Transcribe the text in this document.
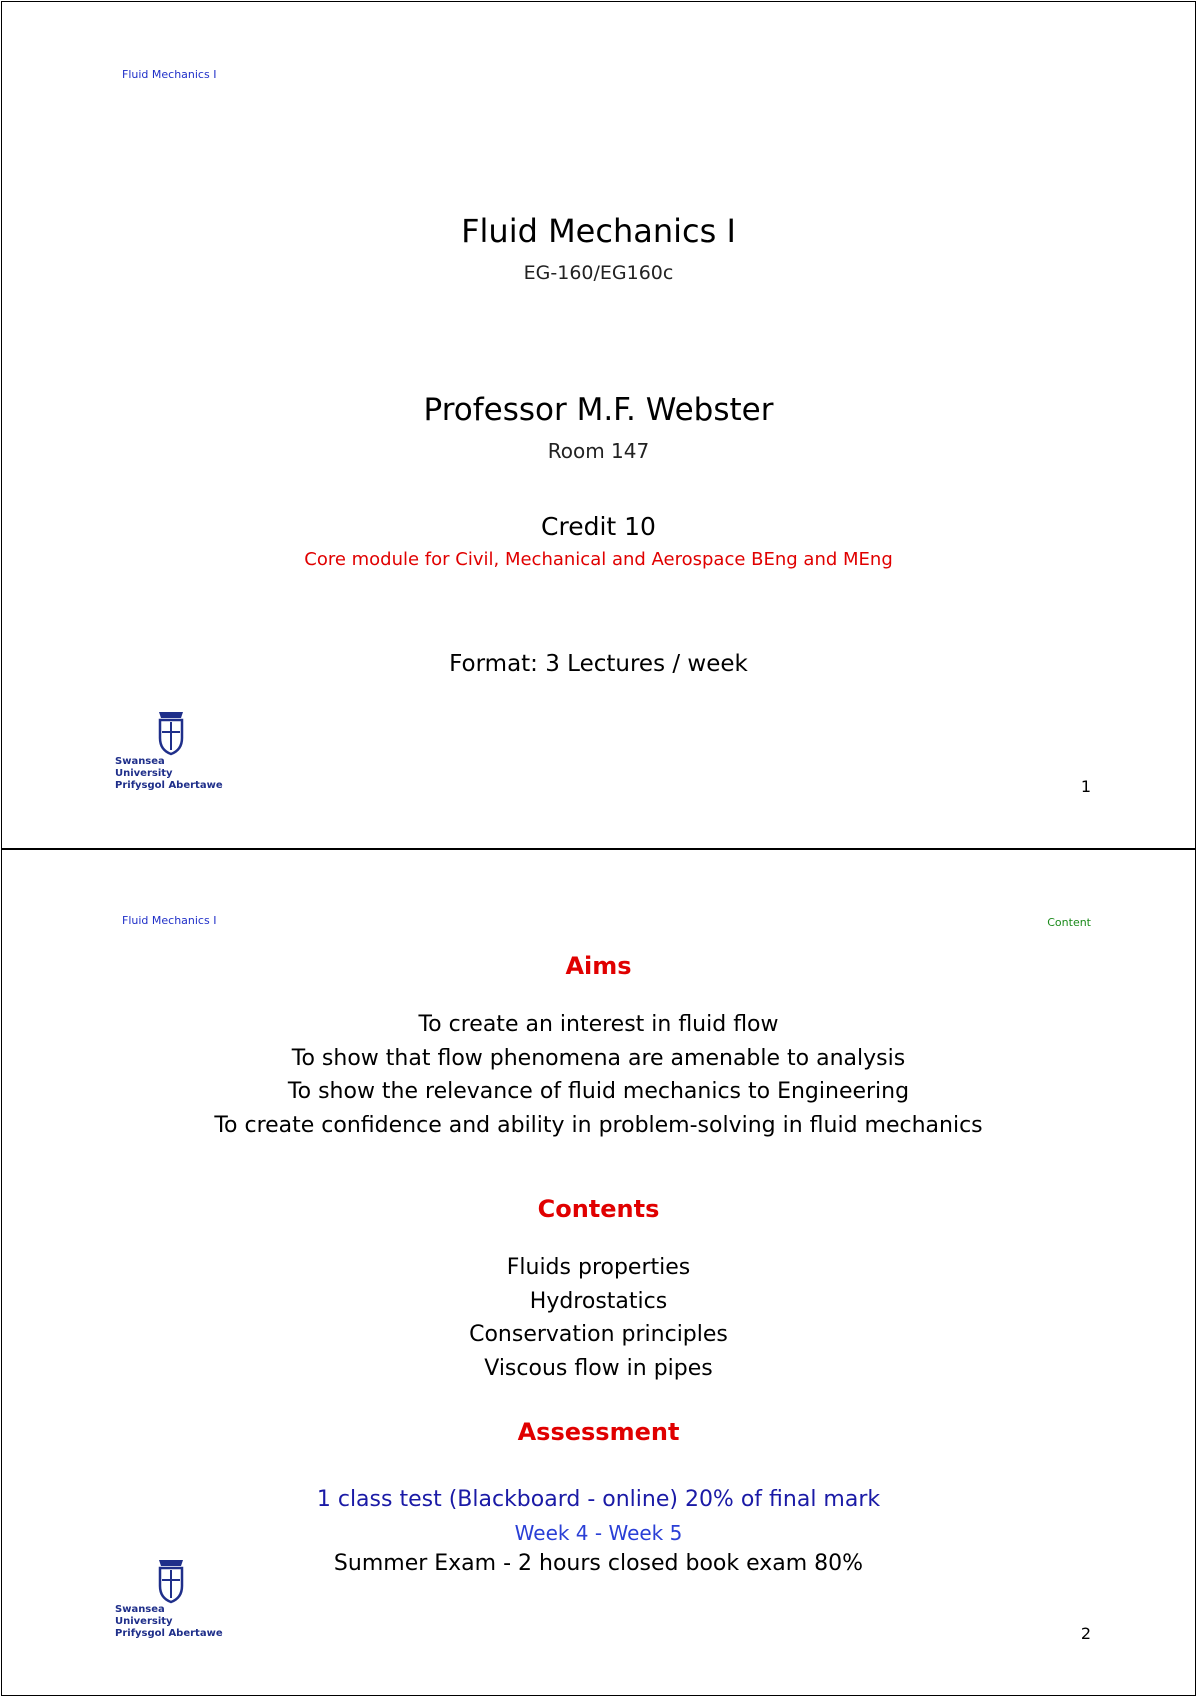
Fluid Mechanics I
Fluid Mechanics I
EG-160/EG160c
Professor M.F. Webster
Room 147
Credit 10
Core module for Civil, Mechanical and Aerospace BEng and MEng
Format: 3 Lectures / week
Swansea University
Prifysgol Abertawe	1
Fluid Mechanics I	Content
Aims
To create an interest in fluid flow
To show that flow phenomena are amenable to analysis
To show the relevance of fluid mechanics to Engineering
To create confidence and ability in problem-solving in fluid mechanics
Contents
Fluids properties
Hydrostatics
Conservation principles
Viscous flow in pipes
Assessment
1 class test (Blackboard - online) 20% of final mark
Week 4 - Week 5
Summer Exam - 2 hours closed book exam 80%
Swansea University
Prifysgol Abertawe	2
